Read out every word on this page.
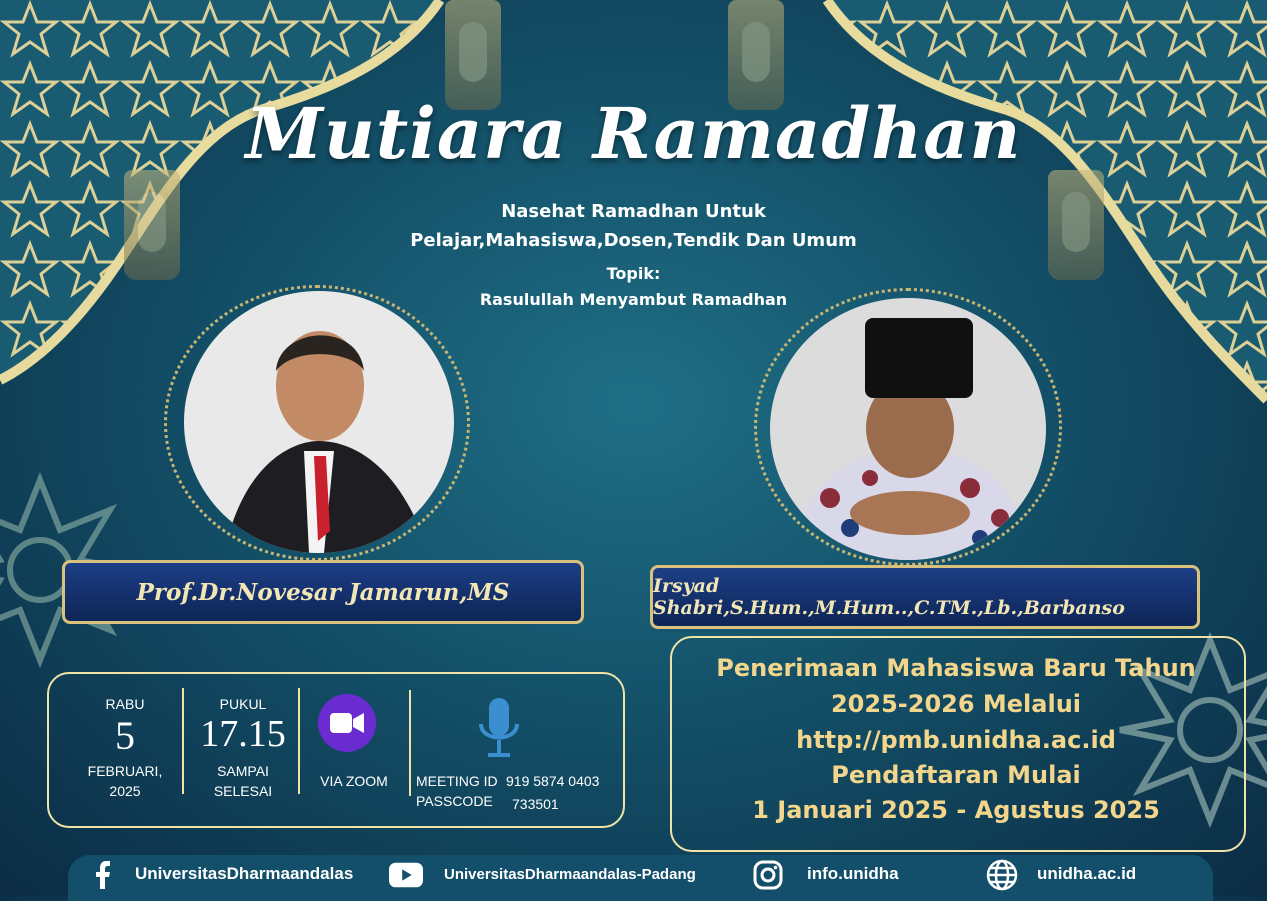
Mutiara Ramadhan
Nasehat Ramadhan Untuk
Pelajar,Mahasiswa,Dosen,Tendik Dan Umum
Topik:
Rasulullah Menyambut Ramadhan
Prof.Dr.Novesar Jamarun,MS	Irsyad Shabri,S.Hum.,M.Hum..,C.TM.,Lb.,Barbanso
RABU
5
FEBRUARI,
2025
PUKUL
17.15
SAMPAI
SELESAI
VIA ZOOM	MEETING ID 919 5874 0403
PASSCODE 733501
Penerimaan Mahasiswa Baru Tahun
2025-2026 Melalui
http://pmb.unidha.ac.id
Pendaftaran Mulai
1 Januari 2025 - Agustus 2025
UniversitasDharmaandalas	UniversitasDharmaandalas-Padang	info.unidha	unidha.ac.id
